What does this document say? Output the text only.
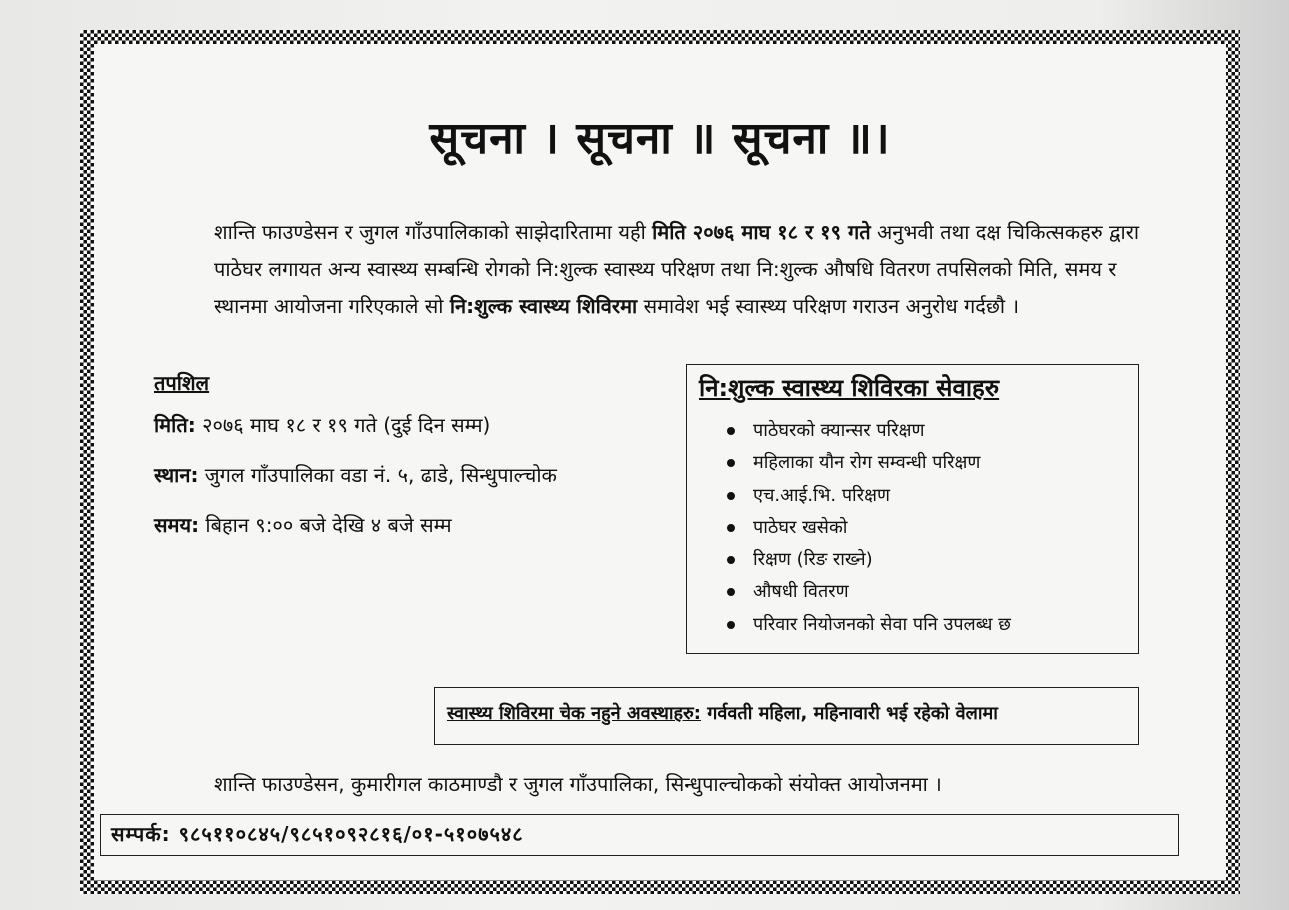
सूचना । सूचना ॥ सूचना ॥।
शान्ति फाउण्डेसन र जुगल गाँउपालिकाको साझेदारितामा यही मिति २०७६ माघ १८ र १९ गते अनुभवी तथा दक्ष चिकित्सकहरु द्वारा पाठेघर लगायत अन्य स्वास्थ्य सम्बन्धि रोगको नि:शुल्क स्वास्थ्य परिक्षण तथा नि:शुल्क औषधि वितरण तपसिलको मिति, समय र स्थानमा आयोजना गरिएकाले सो नि:शुल्क स्वास्थ्य शिविरमा समावेश भई स्वास्थ्य परिक्षण गराउन अनुरोध गर्दछौ ।
तपशिल
मिति: २०७६ माघ १८ र १९ गते (दुई दिन सम्म)
स्थान: जुगल गाँउपालिका वडा नं. ५, ढाडे, सिन्धुपाल्चोक
समय: बिहान ९:०० बजे देखि ४ बजे सम्म
नि:शुल्क स्वास्थ्य शिविरका सेवाहरु
पाठेघरको क्यान्सर परिक्षण
महिलाका यौन रोग सम्वन्धी परिक्षण
एच.आई.भि. परिक्षण
पाठेघर खसेको
रिक्षण (रिङ राख्ने)
औषधी वितरण
परिवार नियोजनको सेवा पनि उपलब्ध छ
स्वास्थ्य शिविरमा चेक नहुने अवस्थाहरु: गर्ववती महिला, महिनावारी भई रहेको वेलामा
शान्ति फाउण्डेसन, कुमारीगल काठमाण्डौ र जुगल गाँउपालिका, सिन्धुपाल्चोकको संयोक्त आयोजनमा ।
सम्पर्क: ९८५११०८४५/९८५१०९२८१६/०१-५१०७५४८
